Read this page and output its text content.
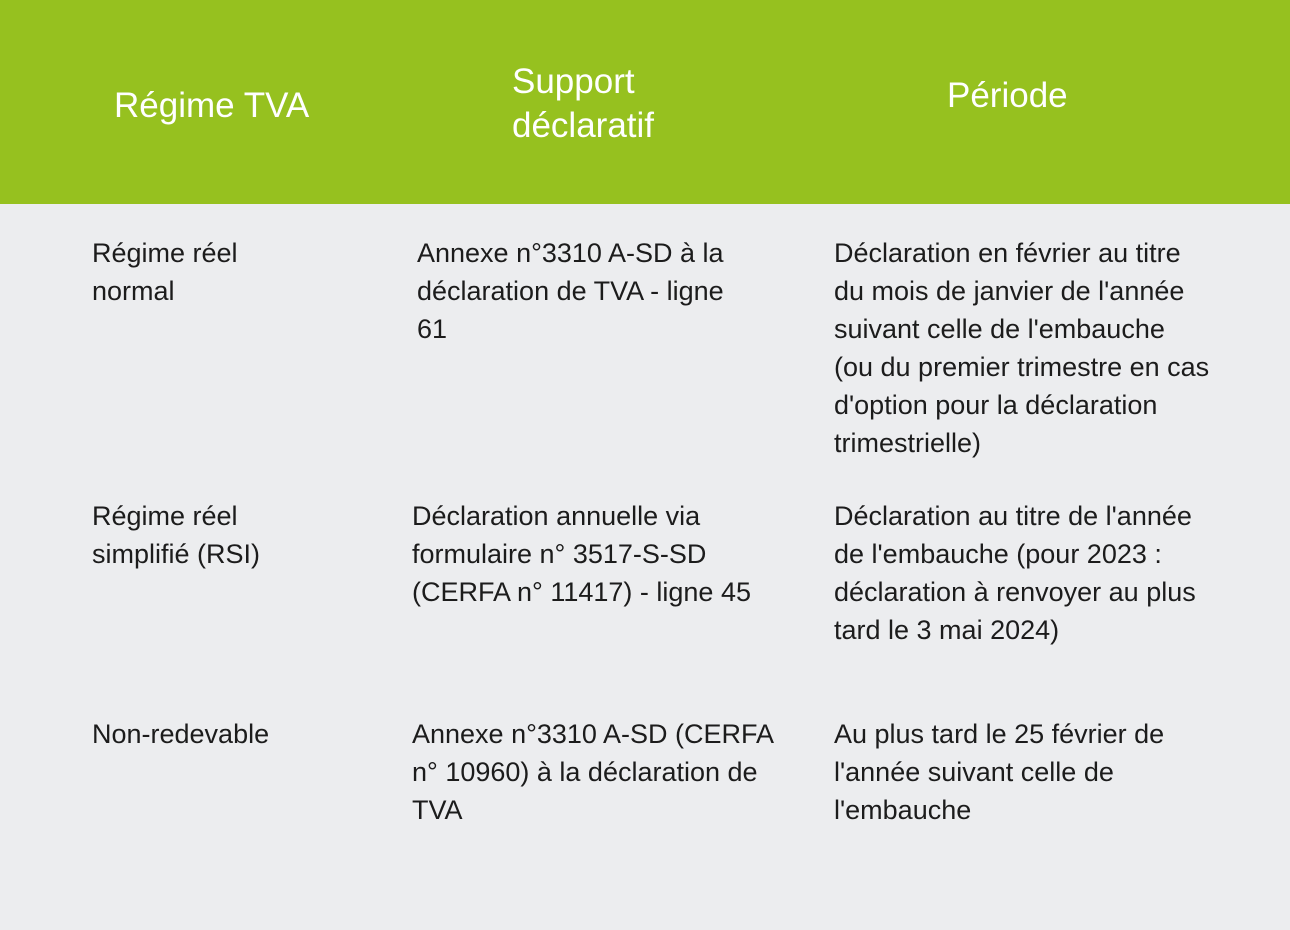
Régime TVA
Support
déclaratif
Période
Régime réel
normal
Annexe n°3310 A-SD à la
déclaration de TVA - ligne
61
Déclaration en février au titre
du mois de janvier de l'année
suivant celle de l'embauche
(ou du premier trimestre en cas
d'option pour la déclaration
trimestrielle)
Régime réel
simplifié (RSI)
Déclaration annuelle via
formulaire n° 3517-S-SD
(CERFA n° 11417) - ligne 45
Déclaration au titre de l'année
de l'embauche (pour 2023 :
déclaration à renvoyer au plus
tard le 3 mai 2024)
Non-redevable	Annexe n°3310 A-SD (CERFA
n° 10960) à la déclaration de
TVA
Au plus tard le 25 février de
l'année suivant celle de
l'embauche
